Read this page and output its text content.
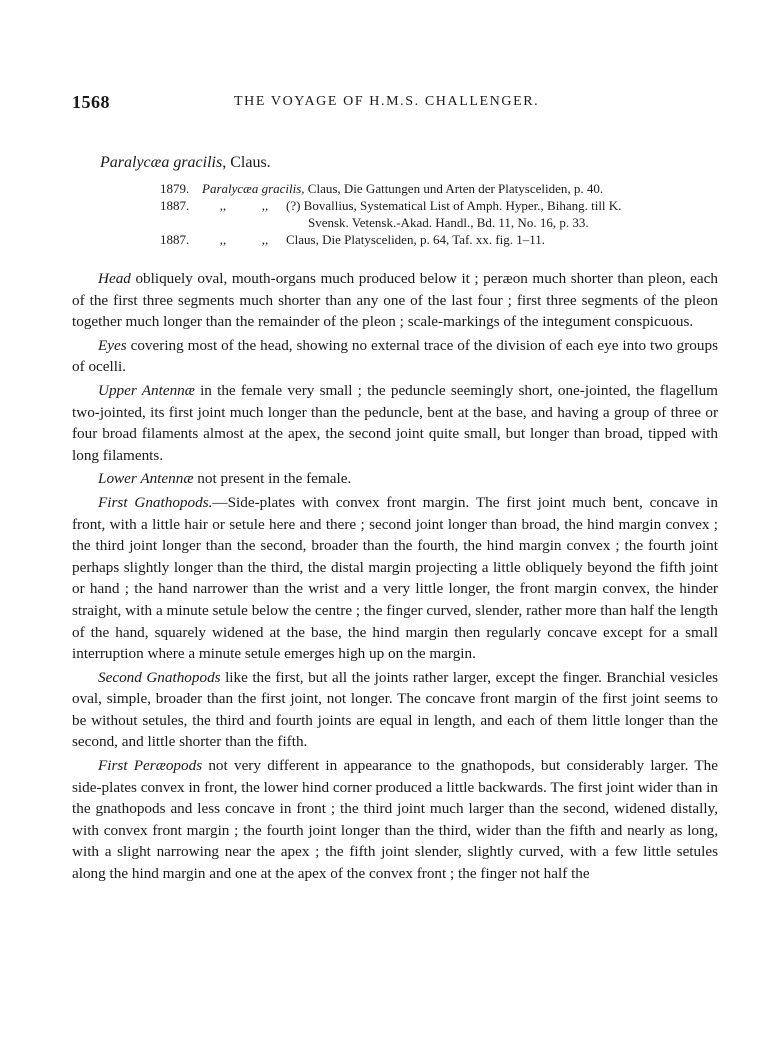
1568	THE VOYAGE OF H.M.S. CHALLENGER.
Paralycæa gracilis, Claus.
1879. Paralycæa gracilis, Claus, Die Gattungen und Arten der Platysceliden, p. 40.
1887.	,,	,,	(?) Bovallius, Systematical List of Amph. Hyper., Bihang. till K.
Svensk. Vetensk.-Akad. Handl., Bd. 11, No. 16, p. 33.
1887.	,,	,,	Claus, Die Platysceliden, p. 64, Taf. xx. fig. 1–11.

Head obliquely oval, mouth-organs much produced below it ; peræon much shorter than pleon, each of the first three segments much shorter than any one of the last four ; first three segments of the pleon together much longer than the remainder of the pleon ; scale-markings of the integument conspicuous.

Eyes covering most of the head, showing no external trace of the division of each eye into two groups of ocelli.

Upper Antennæ in the female very small ; the peduncle seemingly short, one-jointed, the flagellum two-jointed, its first joint much longer than the peduncle, bent at the base, and having a group of three or four broad filaments almost at the apex, the second joint quite small, but longer than broad, tipped with long filaments.

Lower Antennæ not present in the female.

First Gnathopods.—Side-plates with convex front margin. The first joint much bent, concave in front, with a little hair or setule here and there ; second joint longer than broad, the hind margin convex ; the third joint longer than the second, broader than the fourth, the hind margin convex ; the fourth joint perhaps slightly longer than the third, the distal margin projecting a little obliquely beyond the fifth joint or hand ; the hand narrower than the wrist and a very little longer, the front margin convex, the hinder straight, with a minute setule below the centre ; the finger curved, slender, rather more than half the length of the hand, squarely widened at the base, the hind margin then regularly concave except for a small interruption where a minute setule emerges high up on the margin.

Second Gnathopods like the first, but all the joints rather larger, except the finger. Branchial vesicles oval, simple, broader than the first joint, not longer. The concave front margin of the first joint seems to be without setules, the third and fourth joints are equal in length, and each of them little longer than the second, and little shorter than the fifth.

First Peræopods not very different in appearance to the gnathopods, but considerably larger. The side-plates convex in front, the lower hind corner produced a little backwards. The first joint wider than in the gnathopods and less concave in front ; the third joint much larger than the second, widened distally, with convex front margin ; the fourth joint longer than the third, wider than the fifth and nearly as long, with a slight narrowing near the apex ; the fifth joint slender, slightly curved, with a few little setules along the hind margin and one at the apex of the convex front ; the finger not half the
